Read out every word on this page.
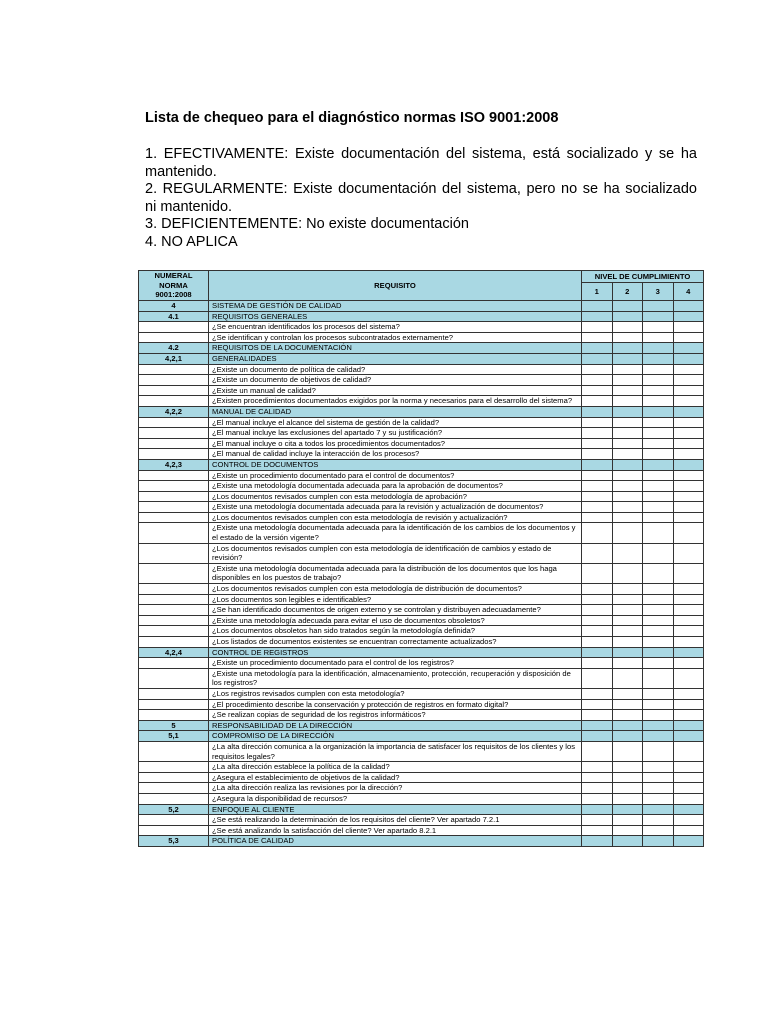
Lista de chequeo para el diagnóstico normas ISO 9001:2008

1. EFECTIVAMENTE: Existe documentación del sistema, está socializado y se ha mantenido.

2. REGULARMENTE: Existe documentación del sistema, pero no se ha socializado ni mantenido.

3. DEFICIENTEMENTE: No existe documentación

4. NO APLICA

NUMERAL
NORMA
9001:2008	REQUISITO	NIVEL DE CUMPLIMIENTO			
		1	2	3	4
4	SISTEMA DE GESTIÓN DE CALIDAD				
4.1	REQUISITOS GENERALES				
	¿Se encuentran identificados los procesos del sistema?				
	¿Se identifican y controlan los procesos subcontratados externamente?				
4.2	REQUISITOS DE LA DOCUMENTACIÓN				
4,2,1	GENERALIDADES				
	¿Existe un documento de política de calidad?				
	¿Existe un documento de objetivos de calidad?				
	¿Existe un manual de calidad?				
	¿Existen procedimientos documentados exigidos por la norma y necesarios para el desarrollo del sistema?				
4,2,2	MANUAL DE CALIDAD				
	¿El manual incluye el alcance del sistema de gestión de la calidad?				
	¿El manual incluye las exclusiones del apartado 7 y su justificación?				
	¿El manual incluye o cita a todos los procedimientos documentados?				
	¿El manual de calidad incluye la interacción de los procesos?				
4,2,3	CONTROL DE DOCUMENTOS				
	¿Existe un procedimiento documentado para el control de documentos?				
	¿Existe una metodología documentada adecuada para la aprobación de documentos?				
	¿Los documentos revisados cumplen con esta metodología de aprobación?				
	¿Existe una metodología documentada adecuada para la revisión y actualización de documentos?				
	¿Los documentos revisados cumplen con esta metodología de revisión y actualización?				
	¿Existe una metodología documentada adecuada para la identificación de los cambios de los documentos y el estado de la versión vigente?				
	¿Los documentos revisados cumplen con esta metodología de identificación de cambios y estado de revisión?				
	¿Existe una metodología documentada adecuada para la distribución de los documentos que los haga disponibles en los puestos de trabajo?				
	¿Los documentos revisados cumplen con esta metodología de distribución de documentos?				
	¿Los documentos son legibles e identificables?				
	¿Se han identificado documentos de origen externo y se controlan y distribuyen adecuadamente?				
	¿Existe una metodología adecuada para evitar el uso de documentos obsoletos?				
	¿Los documentos obsoletos han sido tratados según la metodología definida?				
	¿Los listados de documentos existentes se encuentran correctamente actualizados?				
4,2,4	CONTROL DE REGISTROS				
	¿Existe un procedimiento documentado para el control de los registros?				
	¿Existe una metodología para la identificación, almacenamiento, protección, recuperación y disposición de los registros?				
	¿Los registros revisados cumplen con esta metodología?				
	¿El procedimiento describe la conservación y protección de registros en formato digital?				
	¿Se realizan copias de seguridad de los registros informáticos?				
5	RESPONSABILIDAD DE LA DIRECCIÓN				
5,1	COMPROMISO DE LA DIRECCIÓN				
	¿La alta dirección comunica a la organización la importancia de satisfacer los requisitos de los clientes y los requisitos legales?				
	¿La alta dirección establece la política de la calidad?				
	¿Asegura el establecimiento de objetivos de la calidad?				
	¿La alta dirección realiza las revisiones por la dirección?				
	¿Asegura la disponibilidad de recursos?				
5,2	ENFOQUE AL CLIENTE				
	¿Se está realizando la determinación de los requisitos del cliente? Ver apartado 7.2.1				
	¿Se está analizando la satisfacción del cliente? Ver apartado 8.2.1				
5,3	POLÍTICA DE CALIDAD				
